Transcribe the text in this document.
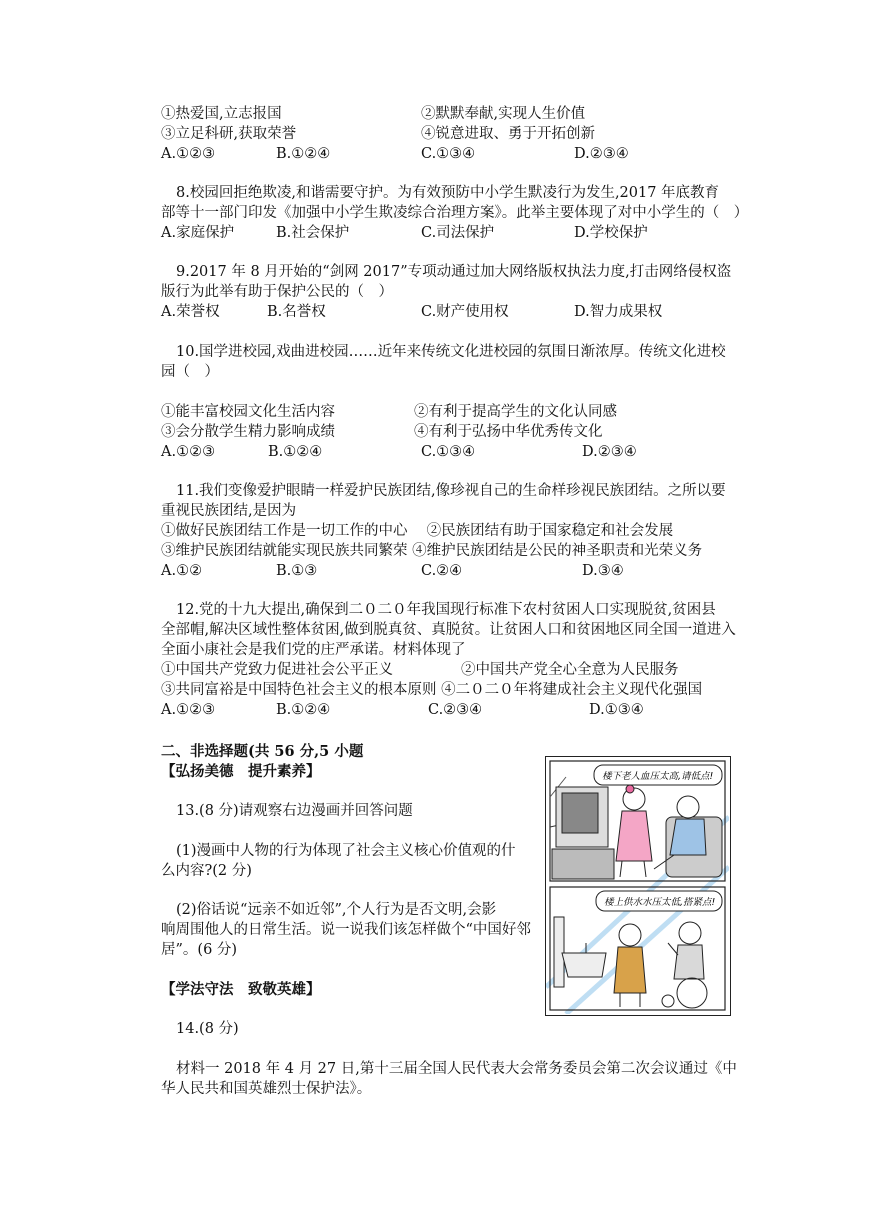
①热爱国,立志报国	②默默奉献,实现人生价值
③立足科研,获取荣誉	④锐意进取、勇于开拓创新
A.①②③	B.①②④	C.①③④	D.②③④
8.校园回拒绝欺凌,和谐需要守护。为有效预防中小学生默凌行为发生,2017 年底教育
部等十一部门印发《加强中小学生欺凌综合治理方案》。此举主要体现了对中小学生的（　）
A.家庭保护	B.社会保护	C.司法保护	D.学校保护
9.2017 年 8 月开始的“剑网 2017”专项动通过加大网络版权执法力度,打击网络侵权盗
版行为此举有助于保护公民的（　）
A.荣誉权	B.名誉权	C.财产使用权	D.智力成果权
10.国学进校园,戏曲进校园……近年来传统文化进校园的氛围日渐浓厚。传统文化进校
园（　）
①能丰富校园文化生活内容	②有利于提高学生的文化认同感
③会分散学生精力影响成绩	④有利于弘扬中华优秀传文化
A.①②③	B.①②④	C.①③④	D.②③④
11.我们变像爱护眼睛一样爱护民族团结,像珍视自己的生命样珍视民族团结。之所以要
重视民族团结,是因为
①做好民族团结工作是一切工作的中心　 ②民族团结有助于国家稳定和社会发展
③维护民族团结就能实现民族共同繁荣 ④维护民族团结是公民的神圣职责和光荣义务
A.①②	B.①③	C.②④	D.③④
12.党的十九大提出,确保到二０二０年我国现行标准下农村贫困人口实现脱贫,贫困县
全部帽,解决区域性整体贫困,做到脱真贫、真脱贫。让贫困人口和贫困地区同全国一道进入
全面小康社会是我们党的庄严承诺。材料体现了
①中国共产党致力促进社会公平正义	②中国共产党全心全意为人民服务
③共同富裕是中国特色社会主义的根本原则 ④二０二０年将建成社会主义现代化强国
A.①②③	B.①②④	C.②③④	D.①③④
二、非选择题(共 56 分,5 小题
【弘扬美德　提升素养】
13.(8 分)请观察右边漫画并回答问题
(1)漫画中人物的行为体现了社会主义核心价值观的什
么内容?(2 分)
(2)俗话说“远亲不如近邻”,个人行为是否文明,会影
响周围他人的日常生活。说一说我们该怎样做个“中国好邻
居”。(6 分)
【学法守法　致敬英雄】
14.(8 分)
材料一 2018 年 4 月 27 日,第十三届全国人民代表大会常务委员会第二次会议通过《中
华人民共和国英雄烈士保护法》。
楼下老人血压太高,请低点!
楼上供水水压太低,搭紧点!
